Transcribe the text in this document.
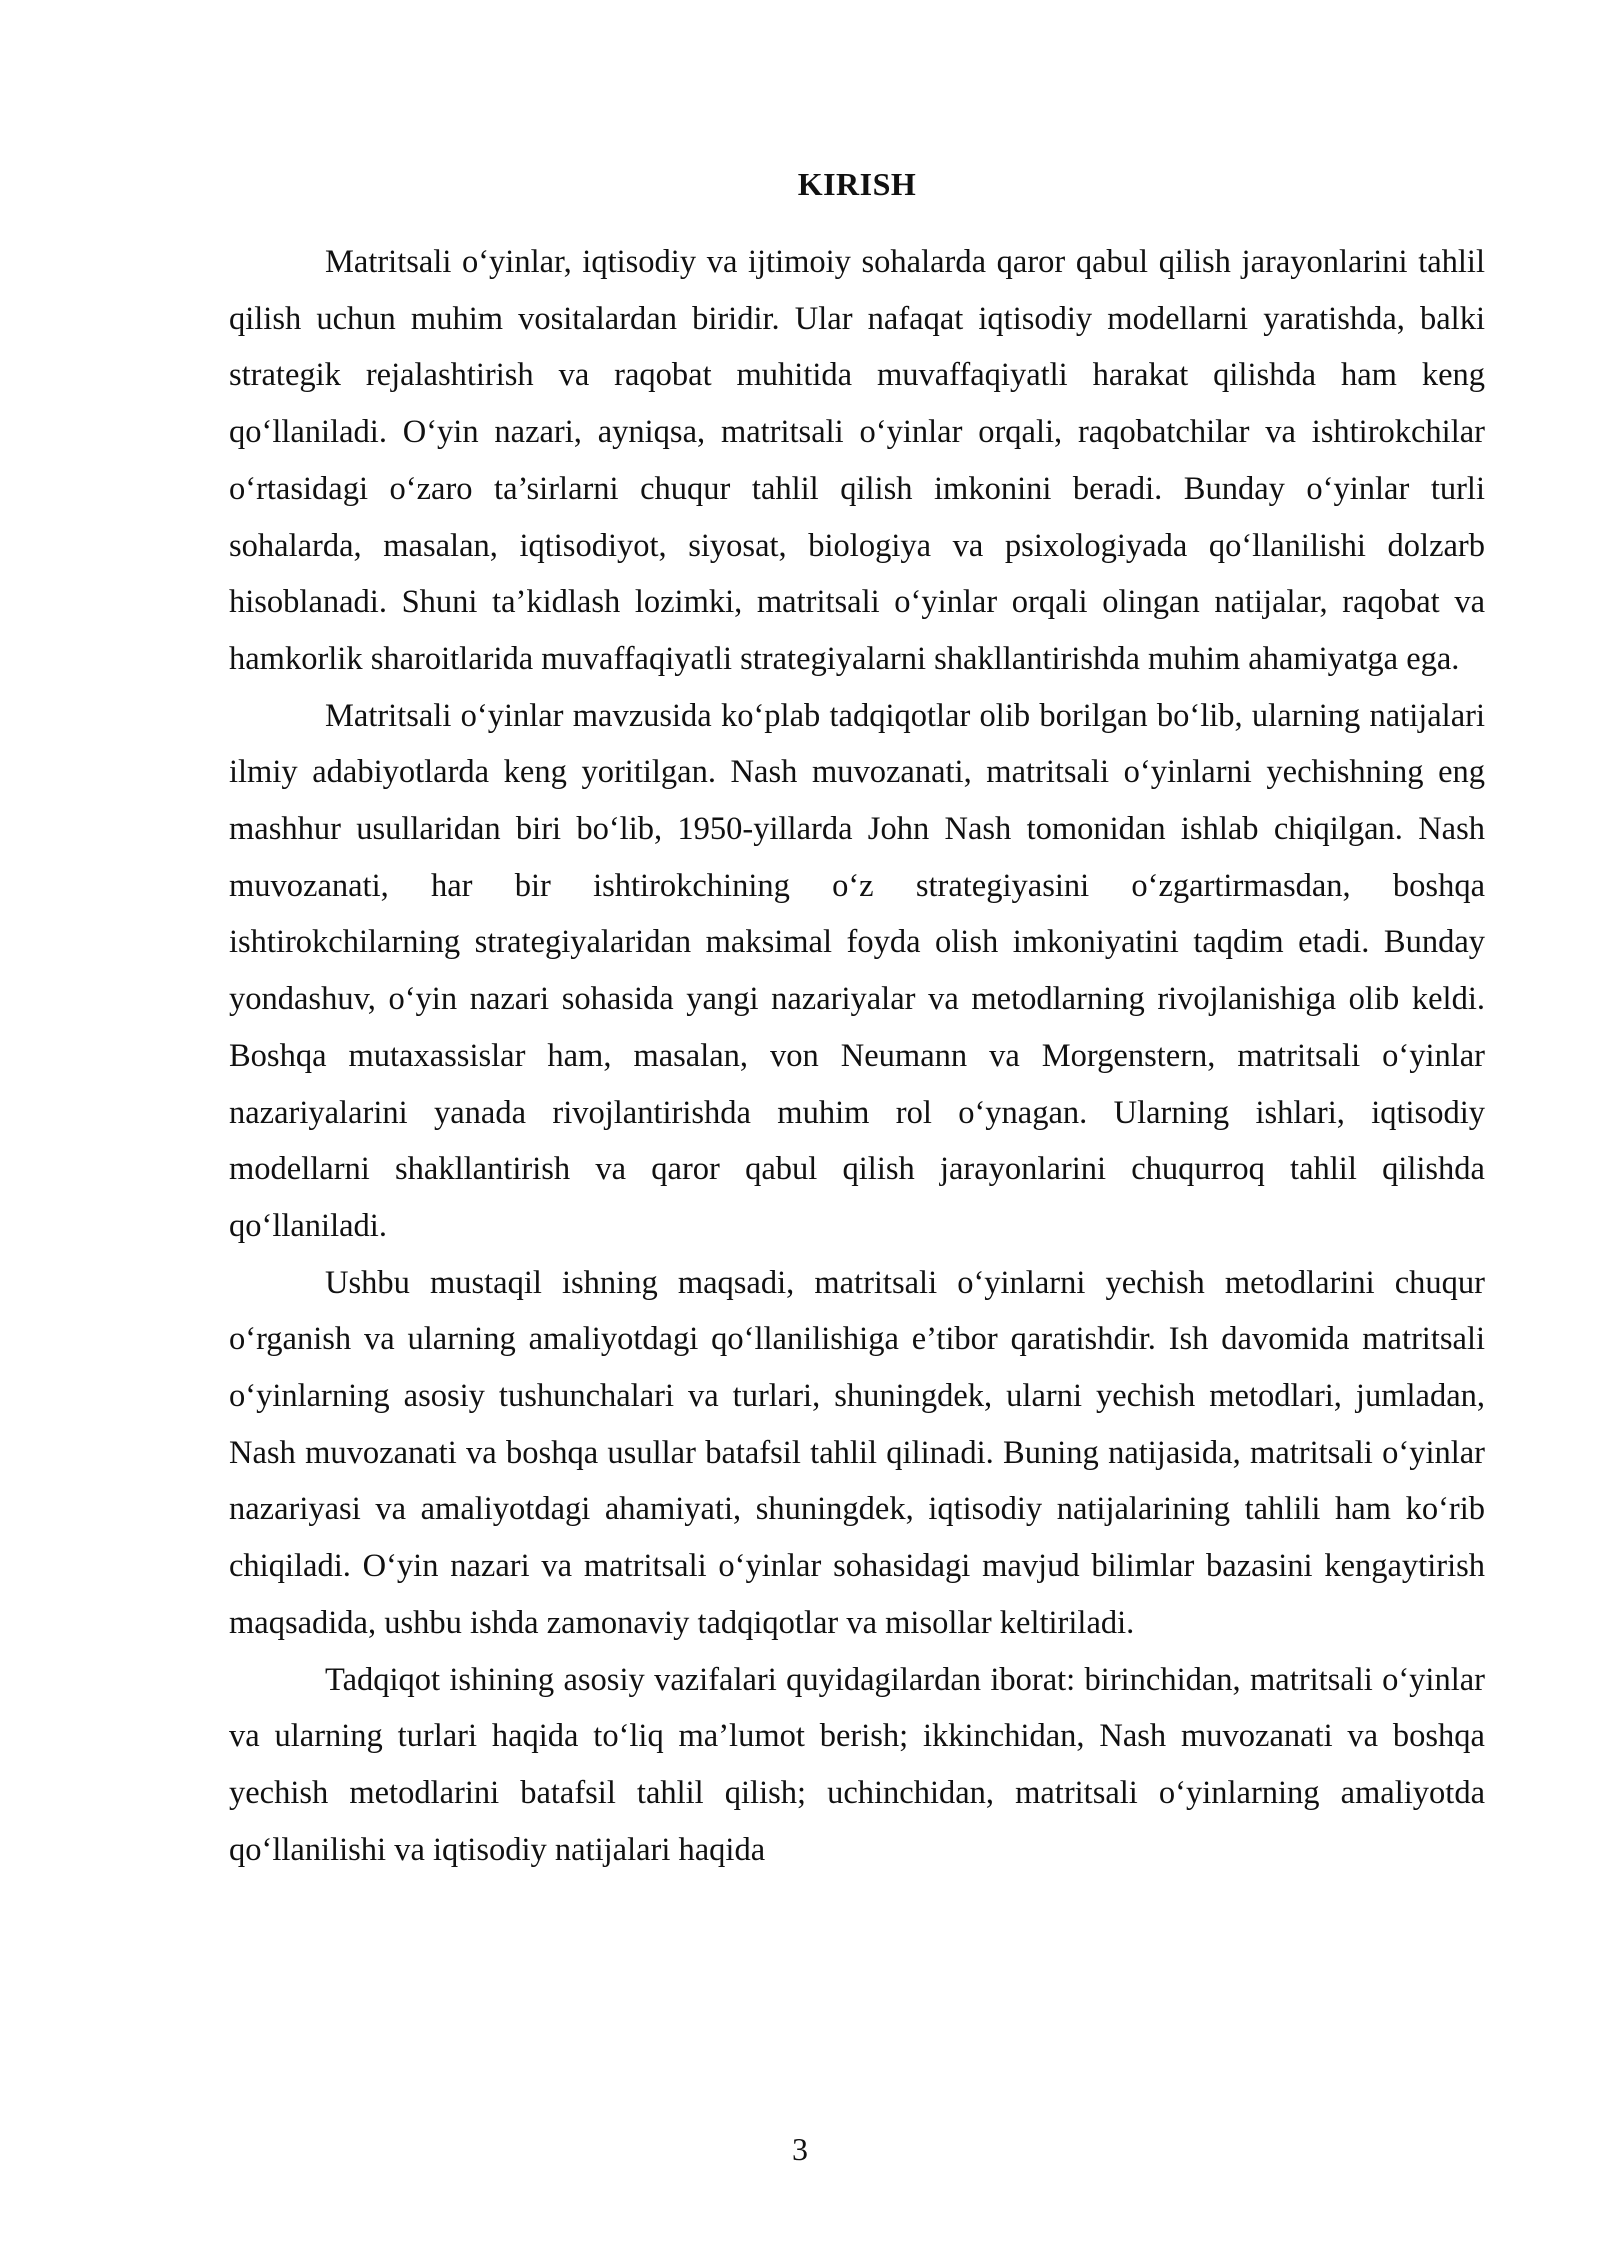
KIRISH

Matritsali o‘yinlar, iqtisodiy va ijtimoiy sohalarda qaror qabul qilish jarayonlarini tahlil qilish uchun muhim vositalardan biridir. Ular nafaqat iqtisodiy modellarni yaratishda, balki strategik rejalashtirish va raqobat muhitida muvaffaqiyatli harakat qilishda ham keng qo‘llaniladi. O‘yin nazari, ayniqsa, matritsali o‘yinlar orqali, raqobatchilar va ishtirokchilar o‘rtasidagi o‘zaro ta’sirlarni chuqur tahlil qilish imkonini beradi. Bunday o‘yinlar turli sohalarda, masalan, iqtisodiyot, siyosat, biologiya va psixologiyada qo‘llanilishi dolzarb hisoblanadi. Shuni ta’kidlash lozimki, matritsali o‘yinlar orqali olingan natijalar, raqobat va hamkorlik sharoitlarida muvaffaqiyatli strategiyalarni shakllantirishda muhim ahamiyatga ega.

Matritsali o‘yinlar mavzusida ko‘plab tadqiqotlar olib borilgan bo‘lib, ularning natijalari ilmiy adabiyotlarda keng yoritilgan. Nash muvozanati, matritsali o‘yinlarni yechishning eng mashhur usullaridan biri bo‘lib, 1950-yillarda John Nash tomonidan ishlab chiqilgan. Nash muvozanati, har bir ishtirokchining o‘z strategiyasini o‘zgartirmasdan, boshqa ishtirokchilarning strategiyalaridan maksimal foyda olish imkoniyatini taqdim etadi. Bunday yondashuv, o‘yin nazari sohasida yangi nazariyalar va metodlarning rivojlanishiga olib keldi. Boshqa mutaxassislar ham, masalan, von Neumann va Morgenstern, matritsali o‘yinlar nazariyalarini yanada rivojlantirishda muhim rol o‘ynagan. Ularning ishlari, iqtisodiy modellarni shakllantirish va qaror qabul qilish jarayonlarini chuqurroq tahlil qilishda qo‘llaniladi.

Ushbu mustaqil ishning maqsadi, matritsali o‘yinlarni yechish metodlarini chuqur o‘rganish va ularning amaliyotdagi qo‘llanilishiga e’tibor qaratishdir. Ish davomida matritsali o‘yinlarning asosiy tushunchalari va turlari, shuningdek, ularni yechish metodlari, jumladan, Nash muvozanati va boshqa usullar batafsil tahlil qilinadi. Buning natijasida, matritsali o‘yinlar nazariyasi va amaliyotdagi ahamiyati, shuningdek, iqtisodiy natijalarining tahlili ham ko‘rib chiqiladi. O‘yin nazari va matritsali o‘yinlar sohasidagi mavjud bilimlar bazasini kengaytirish maqsadida, ushbu ishda zamonaviy tadqiqotlar va misollar keltiriladi.

Tadqiqot ishining asosiy vazifalari quyidagilardan iborat: birinchidan, matritsali o‘yinlar va ularning turlari haqida to‘liq ma’lumot berish; ikkinchidan, Nash muvozanati va boshqa yechish metodlarini batafsil tahlil qilish; uchinchidan, matritsali o‘yinlarning amaliyotda qo‘llanilishi va iqtisodiy natijalari haqida

3
